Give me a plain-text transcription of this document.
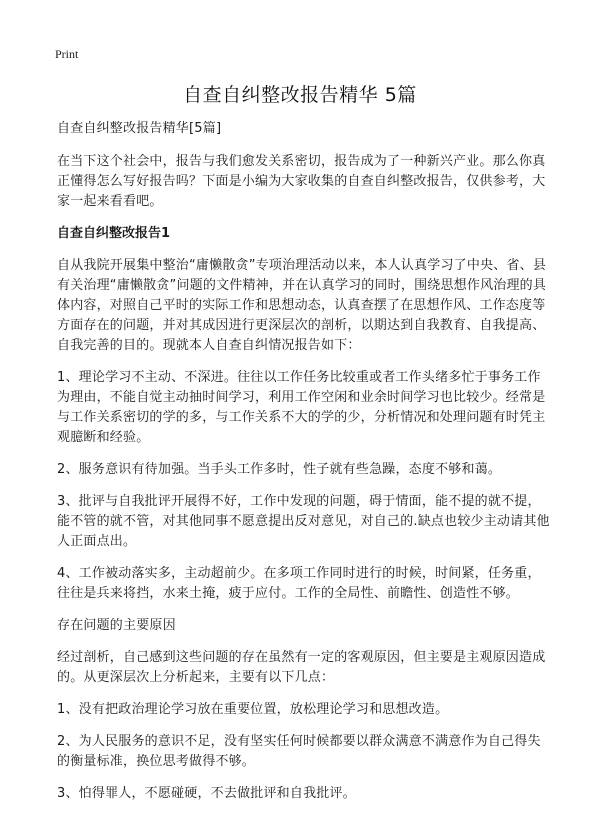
Print
自查自纠整改报告精华 5篇

自查自纠整改报告精华[5篇]

在当下这个社会中，报告与我们愈发关系密切，报告成为了一种新兴产业。那么你真正懂得怎么写好报告吗？下面是小编为大家收集的自查自纠整改报告，仅供参考，大家一起来看看吧。

自查自纠整改报告1

自从我院开展集中整治“庸懒散贪”专项治理活动以来，本人认真学习了中央、省、县有关治理“庸懒散贪”问题的文件精神，并在认真学习的同时，围绕思想作风治理的具体内容，对照自己平时的实际工作和思想动态，认真查摆了在思想作风、工作态度等方面存在的问题，并对其成因进行更深层次的剖析，以期达到自我教育、自我提高、自我完善的目的。现就本人自查自纠情况报告如下：

1、理论学习不主动、不深进。往往以工作任务比较重或者工作头绪多忙于事务工作为理由，不能自觉主动抽时间学习，利用工作空闲和业余时间学习也比较少。经常是与工作关系密切的学的多，与工作关系不大的学的少，分析情况和处理问题有时凭主观臆断和经验。

2、服务意识有待加强。当手头工作多时，性子就有些急躁，态度不够和蔼。

3、批评与自我批评开展得不好，工作中发现的问题，碍于情面，能不提的就不提，能不管的就不管，对其他同事不愿意提出反对意见，对自己的.缺点也较少主动请其他人正面点出。

4、工作被动落实多，主动超前少。在多项工作同时进行的时候，时间紧，任务重，往往是兵来将挡，水来土掩，疲于应付。工作的全局性、前瞻性、创造性不够。

存在问题的主要原因

经过剖析，自己感到这些问题的存在虽然有一定的客观原因，但主要是主观原因造成的。从更深层次上分析起来，主要有以下几点：

1、没有把政治理论学习放在重要位置，放松理论学习和思想改造。

2、为人民服务的意识不足，没有坚实任何时候都要以群众满意不满意作为自己得失的衡量标准，换位思考做得不够。

3、怕得罪人，不愿碰硬，不去做批评和自我批评。
